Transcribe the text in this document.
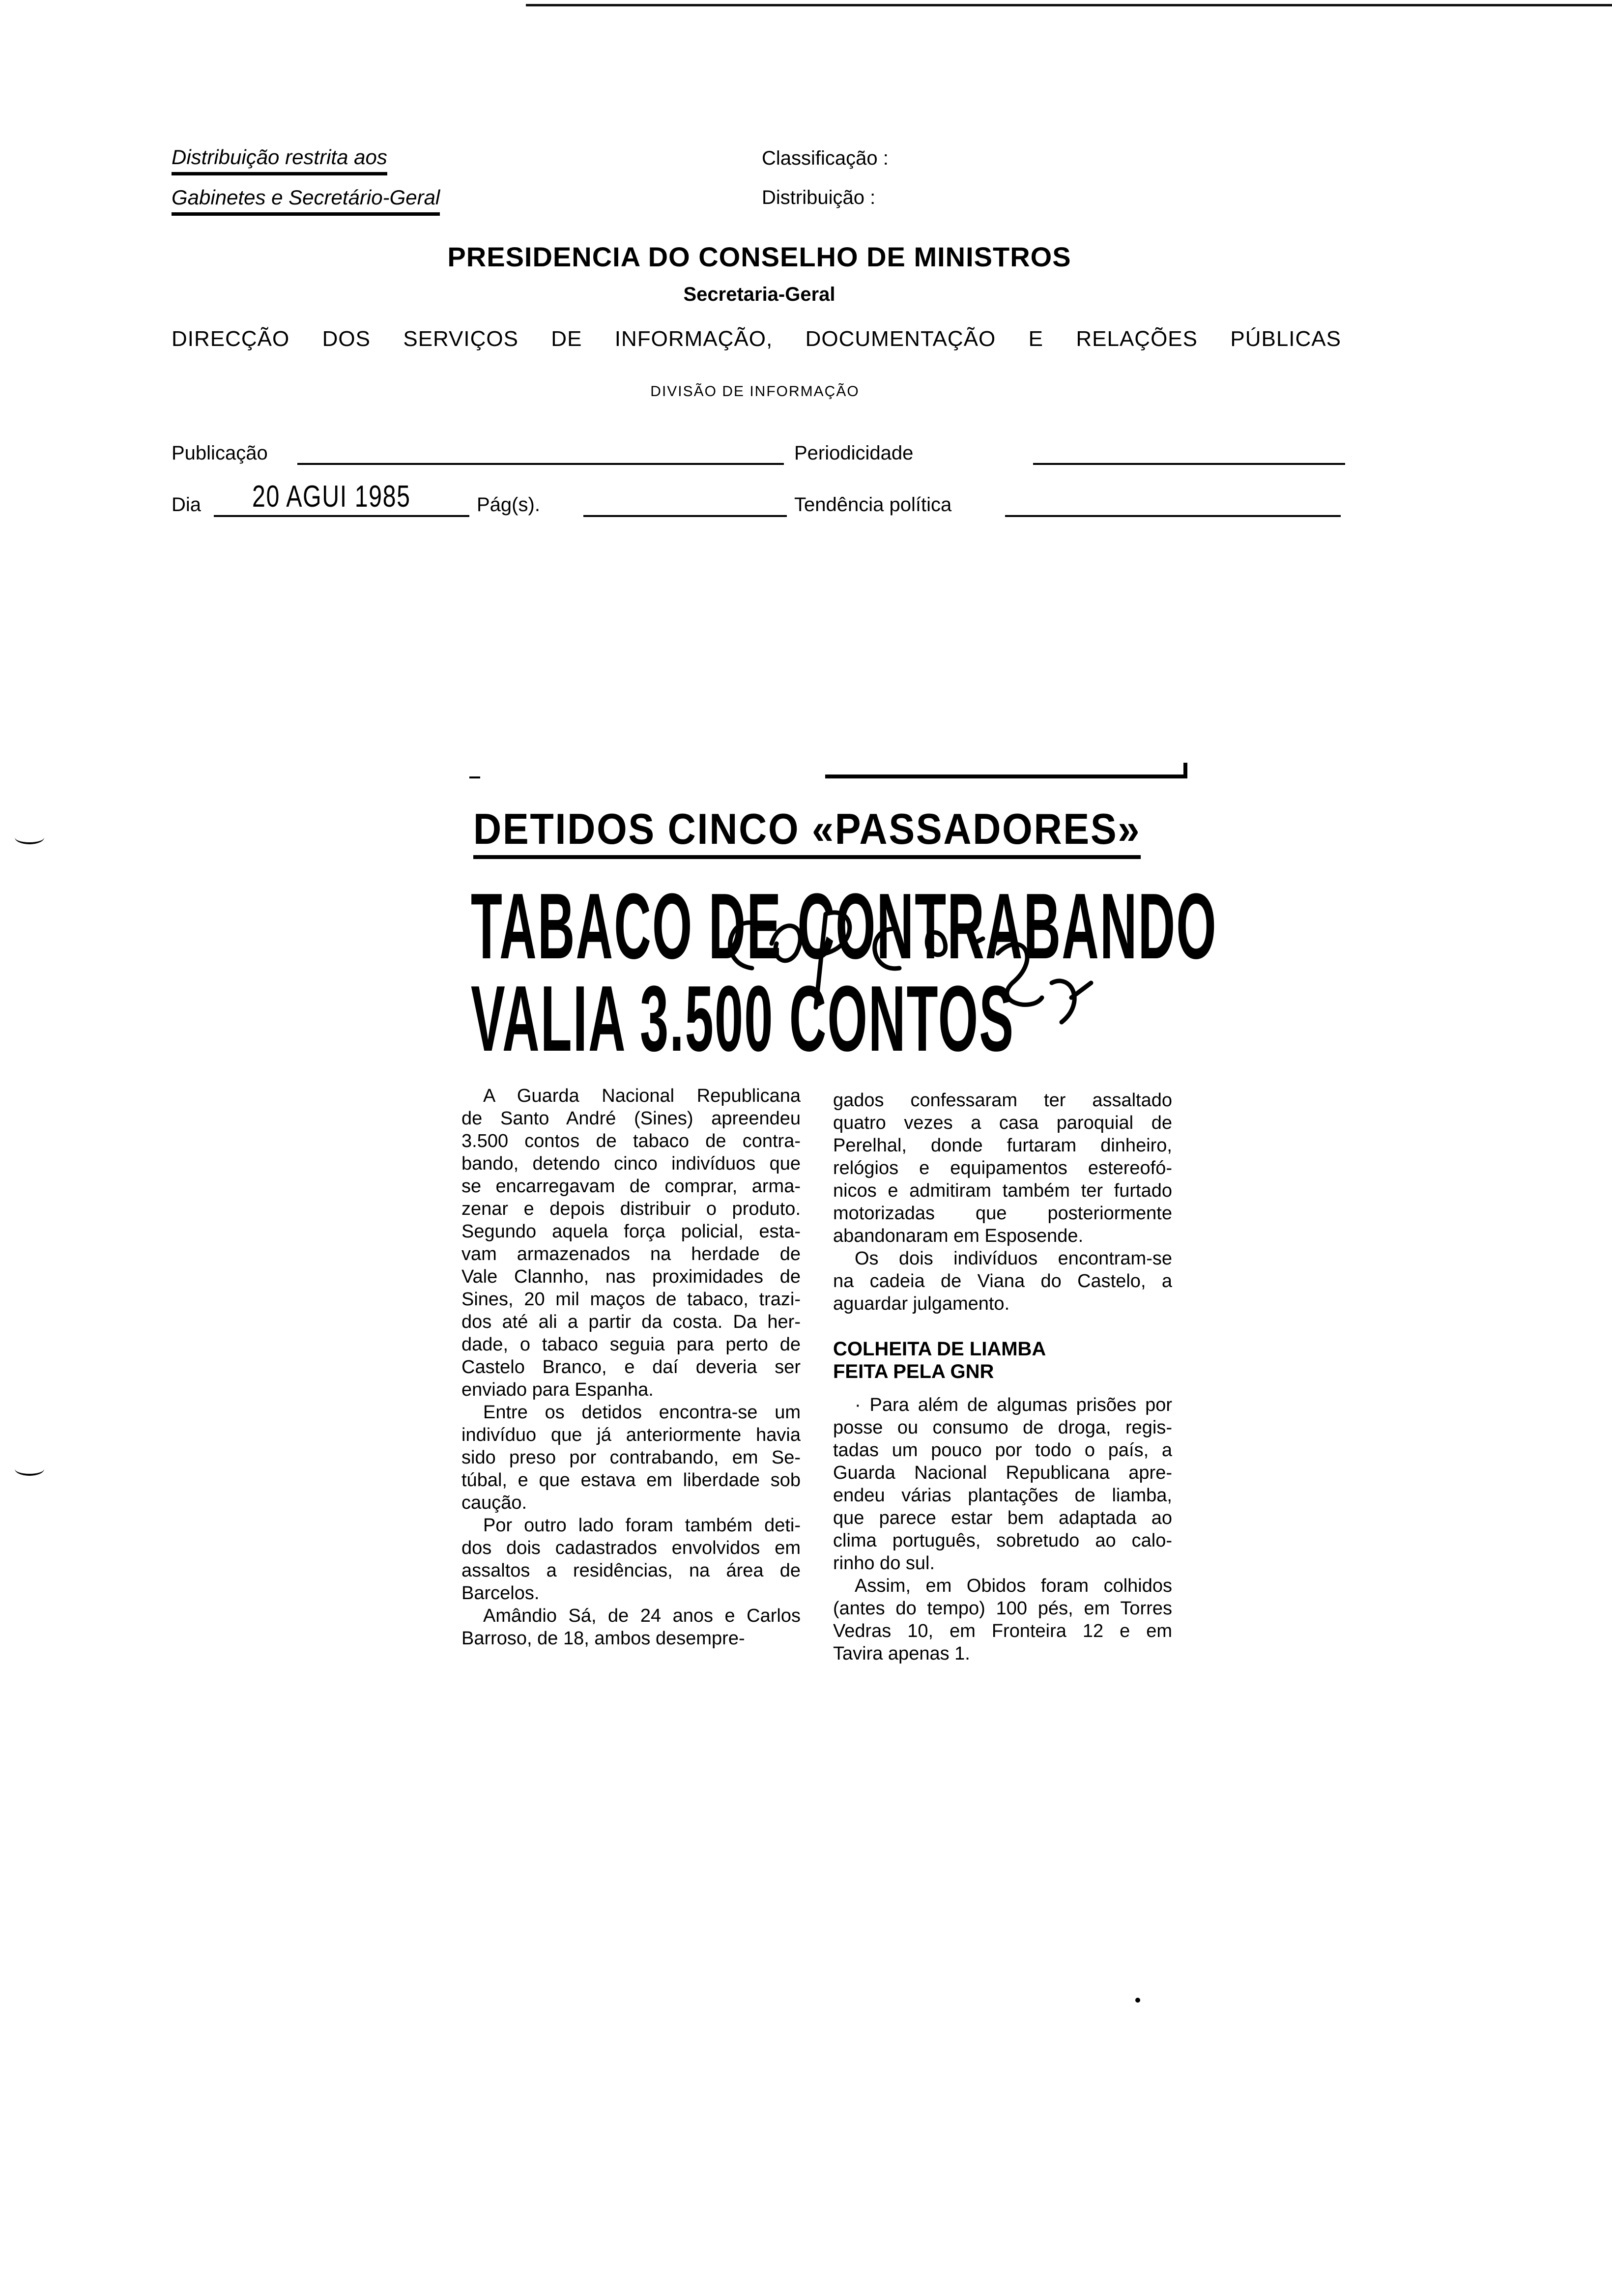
Distribuição restrita aos
Gabinetes e Secretário-Geral
Classificação :
Distribuição :
PRESIDENCIA DO CONSELHO DE MINISTROS
Secretaria-Geral
DIRECÇÃO DOS SERVIÇOS DE INFORMAÇÃO, DOCUMENTAÇÃO E RELAÇÕES PÚBLICAS
DIVISÃO DE INFORMAÇÃO
Publicação	Periodicidade
Dia 20 AGUI 1985	Pág(s).	Tendência política
DETIDOS CINCO «PASSADORES»
TABACO DE CONTRABANDO
VALIA 3.500 CONTOS
A Guarda Nacional Republicana
de Santo André (Sines) apreendeu
3.500 contos de tabaco de contra-
bando, detendo cinco indivíduos que
se encarregavam de comprar, arma-
zenar e depois distribuir o produto.
Segundo aquela força policial, esta-
vam armazenados na herdade de
Vale Clannho, nas proximidades de
Sines, 20 mil maços de tabaco, trazi-
dos até ali a partir da costa. Da her-
dade, o tabaco seguia para perto de
Castelo Branco, e daí deveria ser
enviado para Espanha.
Entre os detidos encontra-se um
indivíduo que já anteriormente havia
sido preso por contrabando, em Se-
túbal, e que estava em liberdade sob
caução.
Por outro lado foram também deti-
dos dois cadastrados envolvidos em
assaltos a residências, na área de
Barcelos.
Amândio Sá, de 24 anos e Carlos
Barroso, de 18, ambos desempre-
gados confessaram ter assaltado
quatro vezes a casa paroquial de
Perelhal, donde furtaram dinheiro,
relógios e equipamentos estereofó-
nicos e admitiram também ter furtado
motorizadas que posteriormente
abandonaram em Esposende.
Os dois indivíduos encontram-se
na cadeia de Viana do Castelo, a
aguardar julgamento.
COLHEITA DE LIAMBA
FEITA PELA GNR
· Para além de algumas prisões por
posse ou consumo de droga, regis-
tadas um pouco por todo o país, a
Guarda Nacional Republicana apre-
endeu várias plantações de liamba,
que parece estar bem adaptada ao
clima português, sobretudo ao calo-
rinho do sul.
Assim, em Obidos foram colhidos
(antes do tempo) 100 pés, em Torres
Vedras 10, em Fronteira 12 e em
Tavira apenas 1.
